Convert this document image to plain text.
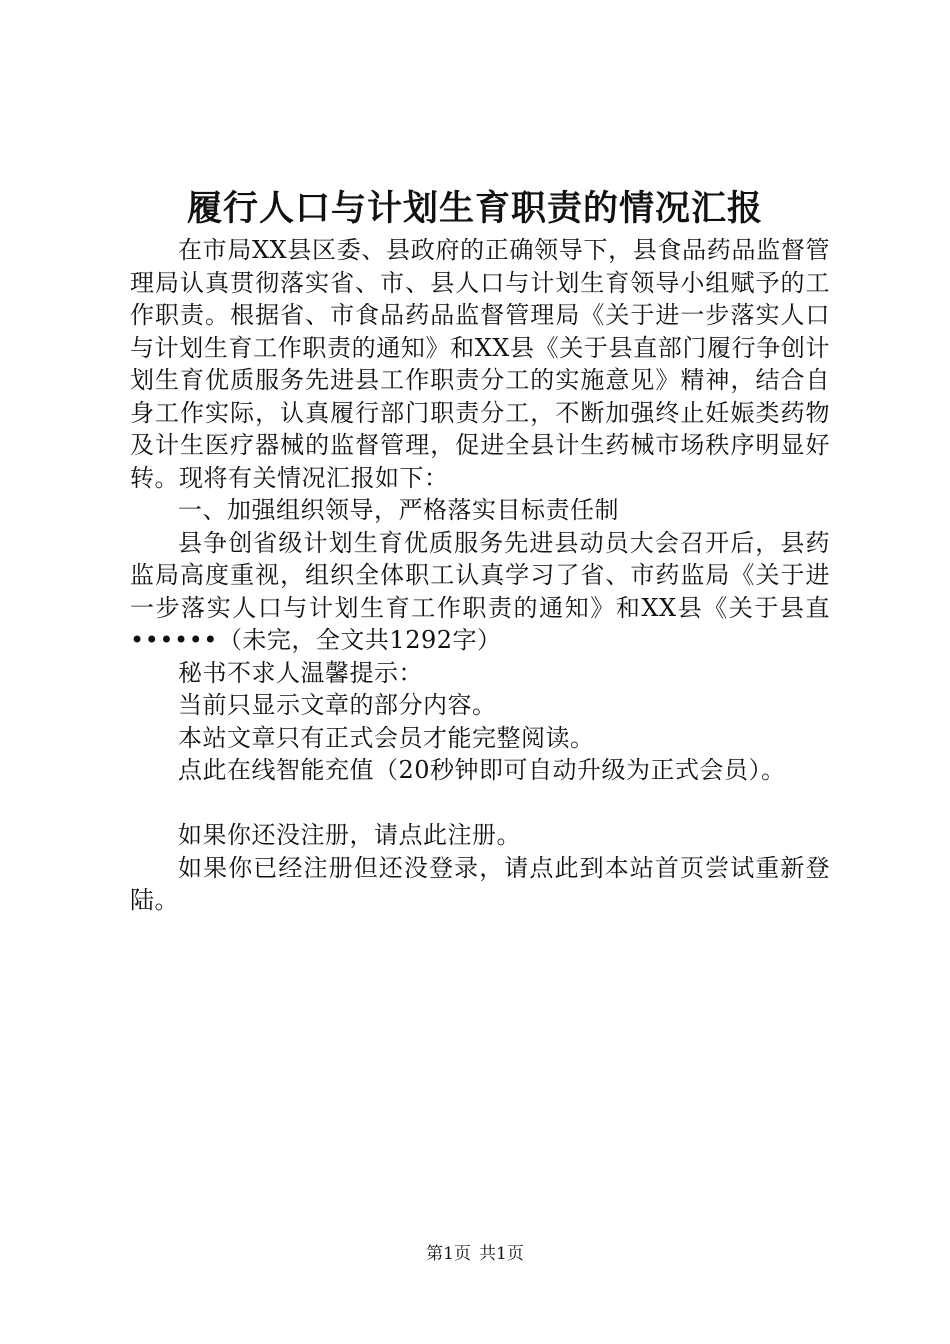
履行人口与计划生育职责的情况汇报

在市局XX县区委、县政府的正确领导下，县食品药品监督管理局认真贯彻落实省、市、县人口与计划生育领导小组赋予的工作职责。根据省、市食品药品监督管理局《关于进一步落实人口与计划生育工作职责的通知》和XX县《关于县直部门履行争创计划生育优质服务先进县工作职责分工的实施意见》精神，结合自身工作实际，认真履行部门职责分工，不断加强终止妊娠类药物及计生医疗器械的监督管理，促进全县计生药械市场秩序明显好转。现将有关情况汇报如下：

一、加强组织领导，严格落实目标责任制

县争创省级计划生育优质服务先进县动员大会召开后，县药监局高度重视，组织全体职工认真学习了省、市药监局《关于进一步落实人口与计划生育工作职责的通知》和XX县《关于县直••••••（未完，全文共1292字）

秘书不求人温馨提示：

当前只显示文章的部分内容。

本站文章只有正式会员才能完整阅读。

点此在线智能充值（20秒钟即可自动升级为正式会员）。

如果你还没注册，请点此注册。

如果你已经注册但还没登录，请点此到本站首页尝试重新登陆。

第1页 共1页
